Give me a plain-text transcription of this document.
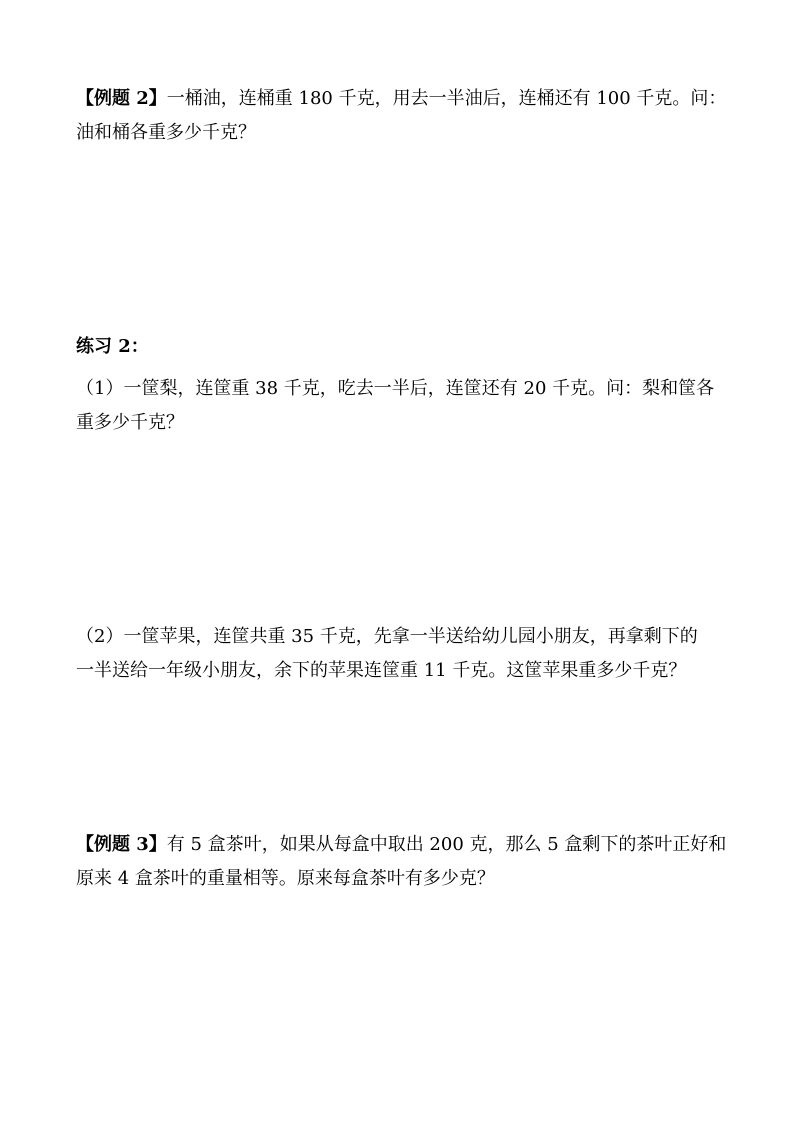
【例题 2】一桶油，连桶重 180 千克，用去一半油后，连桶还有 100 千克。问：
油和桶各重多少千克？
练习 2：
（1）一筐梨，连筐重 38 千克，吃去一半后，连筐还有 20 千克。问：梨和筐各
重多少千克？
（2）一筐苹果，连筐共重 35 千克，先拿一半送给幼儿园小朋友，再拿剩下的
一半送给一年级小朋友，余下的苹果连筐重 11 千克。这筐苹果重多少千克？
【例题 3】有 5 盒茶叶，如果从每盒中取出 200 克，那么 5 盒剩下的茶叶正好和
原来 4 盒茶叶的重量相等。原来每盒茶叶有多少克？
